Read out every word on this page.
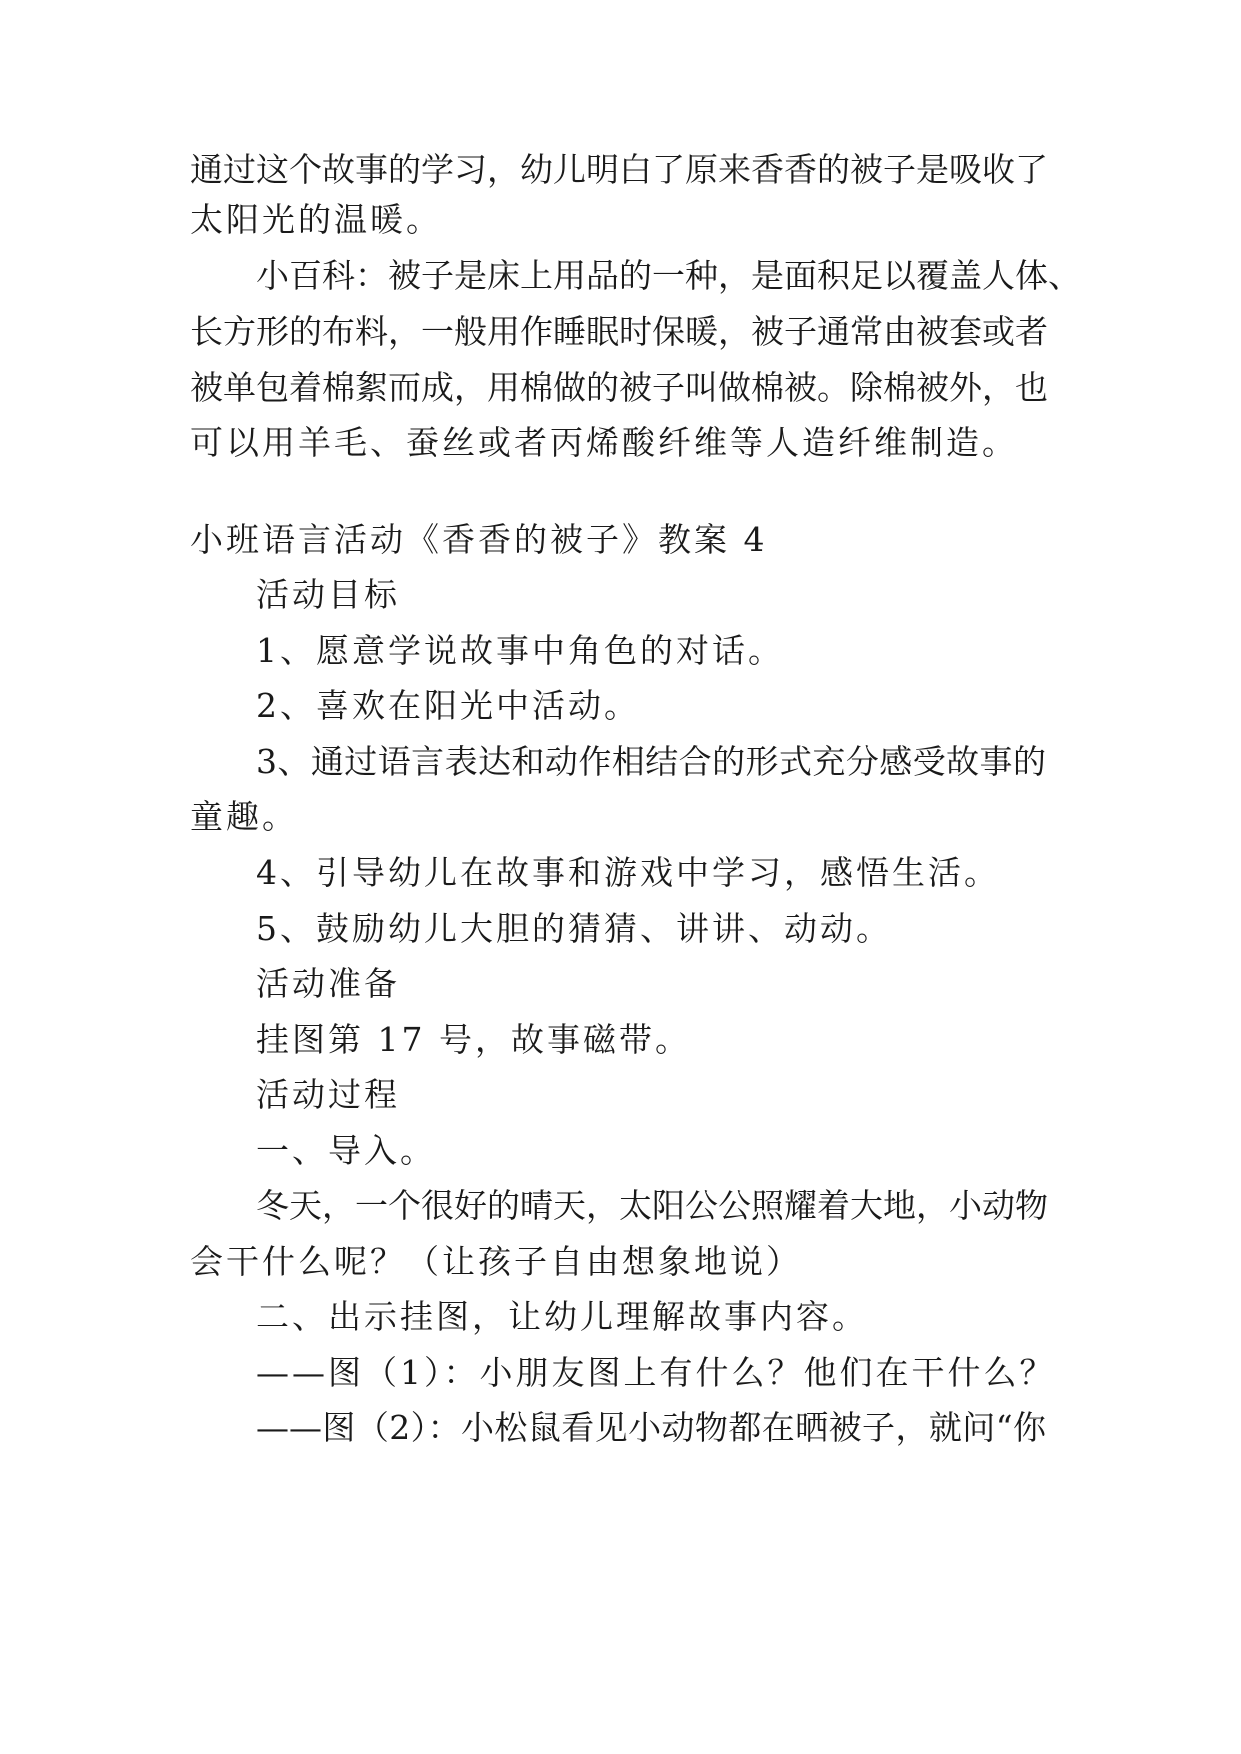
通过这个故事的学习，幼儿明白了原来香香的被子是吸收了
太阳光的温暖。
小百科：被子是床上用品的一种，是面积足以覆盖人体、
长方形的布料，一般用作睡眠时保暖，被子通常由被套或者
被单包着棉絮而成，用棉做的被子叫做棉被。除棉被外，也
可以用羊毛、蚕丝或者丙烯酸纤维等人造纤维制造。
小班语言活动《香香的被子》教案 4
活动目标
1、愿意学说故事中角色的对话。
2、喜欢在阳光中活动。
3、通过语言表达和动作相结合的形式充分感受故事的
童趣。
4、引导幼儿在故事和游戏中学习，感悟生活。
5、鼓励幼儿大胆的猜猜、讲讲、动动。
活动准备
挂图第 17 号，故事磁带。
活动过程
一、导入。
冬天，一个很好的晴天，太阳公公照耀着大地，小动物
会干什么呢？（让孩子自由想象地说）
二、出示挂图，让幼儿理解故事内容。
——图（1）：小朋友图上有什么？他们在干什么？
——图（2）：小松鼠看见小动物都在晒被子，就问“你
